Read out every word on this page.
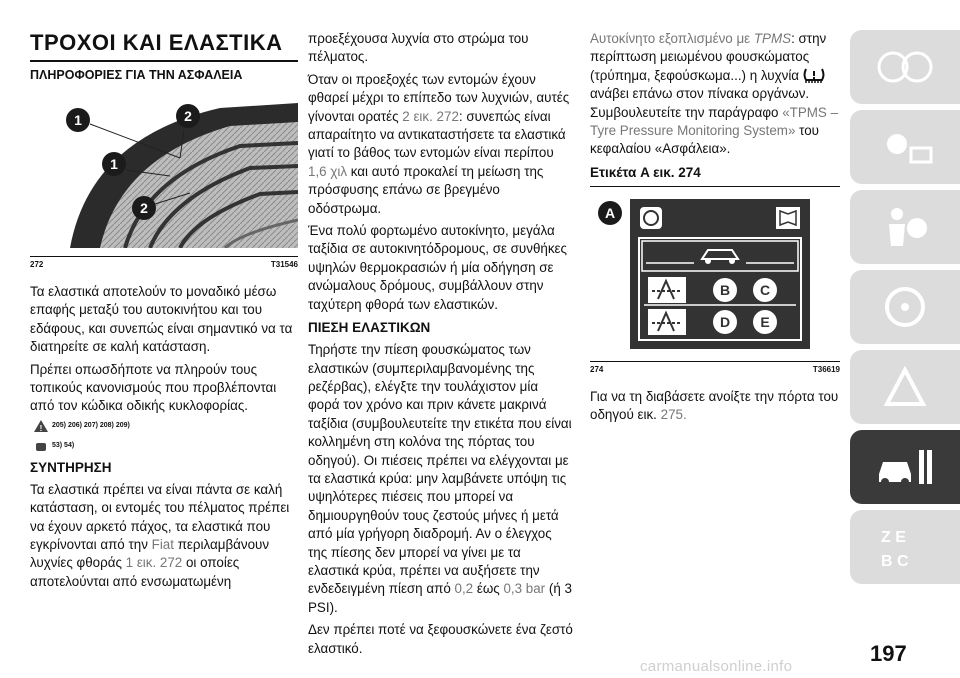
ΤΡΟΧΟΙ ΚΑΙ ΕΛΑΣΤΙΚΑ
ΠΛΗΡΟΦΟΡΙΕΣ ΓΙΑ ΤΗΝ ΑΣΦΑΛΕΙΑ
1
1
2
2
272	T31546

Τα ελαστικά αποτελούν το μοναδικό μέσω επαφής μεταξύ του αυτοκινήτου και του εδάφους, και συνεπώς είναι σημαντικό να τα διατηρείτε σε καλή κατάσταση.

Πρέπει οπωσδήποτε να πληρούν τους τοπικούς κανονισμούς που προβλέπονται από τον κώδικα οδικής κυκλοφορίας.

! 205) 206) 207) 208) 209)
53) 54)
ΣΥΝΤΗΡΗΣΗ

Τα ελαστικά πρέπει να είναι πάντα σε καλή κατάσταση, οι εντομές του πέλματος πρέπει να έχουν αρκετό πάχος, τα ελαστικά που εγκρίνονται από την Fiat περιλαμβάνουν λυχνίες φθοράς 1 εικ. 272 οι οποίες αποτελούνται από ενσωματωμένη

προεξέχουσα λυχνία στο στρώμα του πέλματος.

Όταν οι προεξοχές των εντομών έχουν φθαρεί μέχρι το επίπεδο των λυχνιών, αυτές γίνονται ορατές 2 εικ. 272: συνεπώς είναι απαραίτητο να αντικαταστήσετε τα ελαστικά γιατί το βάθος των εντομών είναι περίπου 1,6 χιλ και αυτό προκαλεί τη μείωση της πρόσφυσης επάνω σε βρεγμένο οδόστρωμα.

Ένα πολύ φορτωμένο αυτοκίνητο, μεγάλα ταξίδια σε αυτοκινητόδρομους, σε συνθήκες υψηλών θερμοκρασιών ή μία οδήγηση σε ανώμαλους δρόμους, συμβάλλουν στην ταχύτερη φθορά των ελαστικών.

ΠΙΕΣΗ ΕΛΑΣΤΙΚΩΝ

Τηρήστε την πίεση φουσκώματος των ελαστικών (συμπεριλαμβανομένης της ρεζέρβας), ελέγξτε την τουλάχιστον μία φορά τον χρόνο και πριν κάνετε μακρινά ταξίδια (συμβουλευτείτε την ετικέτα που είναι κολλημένη στη κολόνα της πόρτας του οδηγού). Οι πιέσεις πρέπει να ελέγχονται με τα ελαστικά κρύα: μην λαμβάνετε υπόψη τις υψηλότερες πιέσεις που μπορεί να δημιουργηθούν τους ζεστούς μήνες ή μετά από μία γρήγορη διαδρομή. Αν ο έλεγχος της πίεσης δεν μπορεί να γίνει με τα ελαστικά κρύα, πρέπει να αυξήσετε την ενδεδειγμένη πίεση από 0,2 έως 0,3 bar (ή 3 PSI).

Δεν πρέπει ποτέ να ξεφουσκώνετε ένα ζεστό ελαστικό.

Αυτοκίνητο εξοπλισμένο με TPMS: στην περίπτωση μειωμένου φουσκώματος (τρύπημα, ξεφούσκωμα...) η λυχνία  ανάβει επάνω στον πίνακα οργάνων. Συμβουλευτείτε την παράγραφο «TPMS – Tyre Pressure Monitoring System» του κεφαλαίου «Ασφάλεια».

Ετικέτα A εικ. 274
A
B C
D E
274	T36619

Για να τη διαβάσετε ανοίξτε την πόρτα του οδηγού εικ. 275.

Z E
B C
197
carmanualsonline.info
